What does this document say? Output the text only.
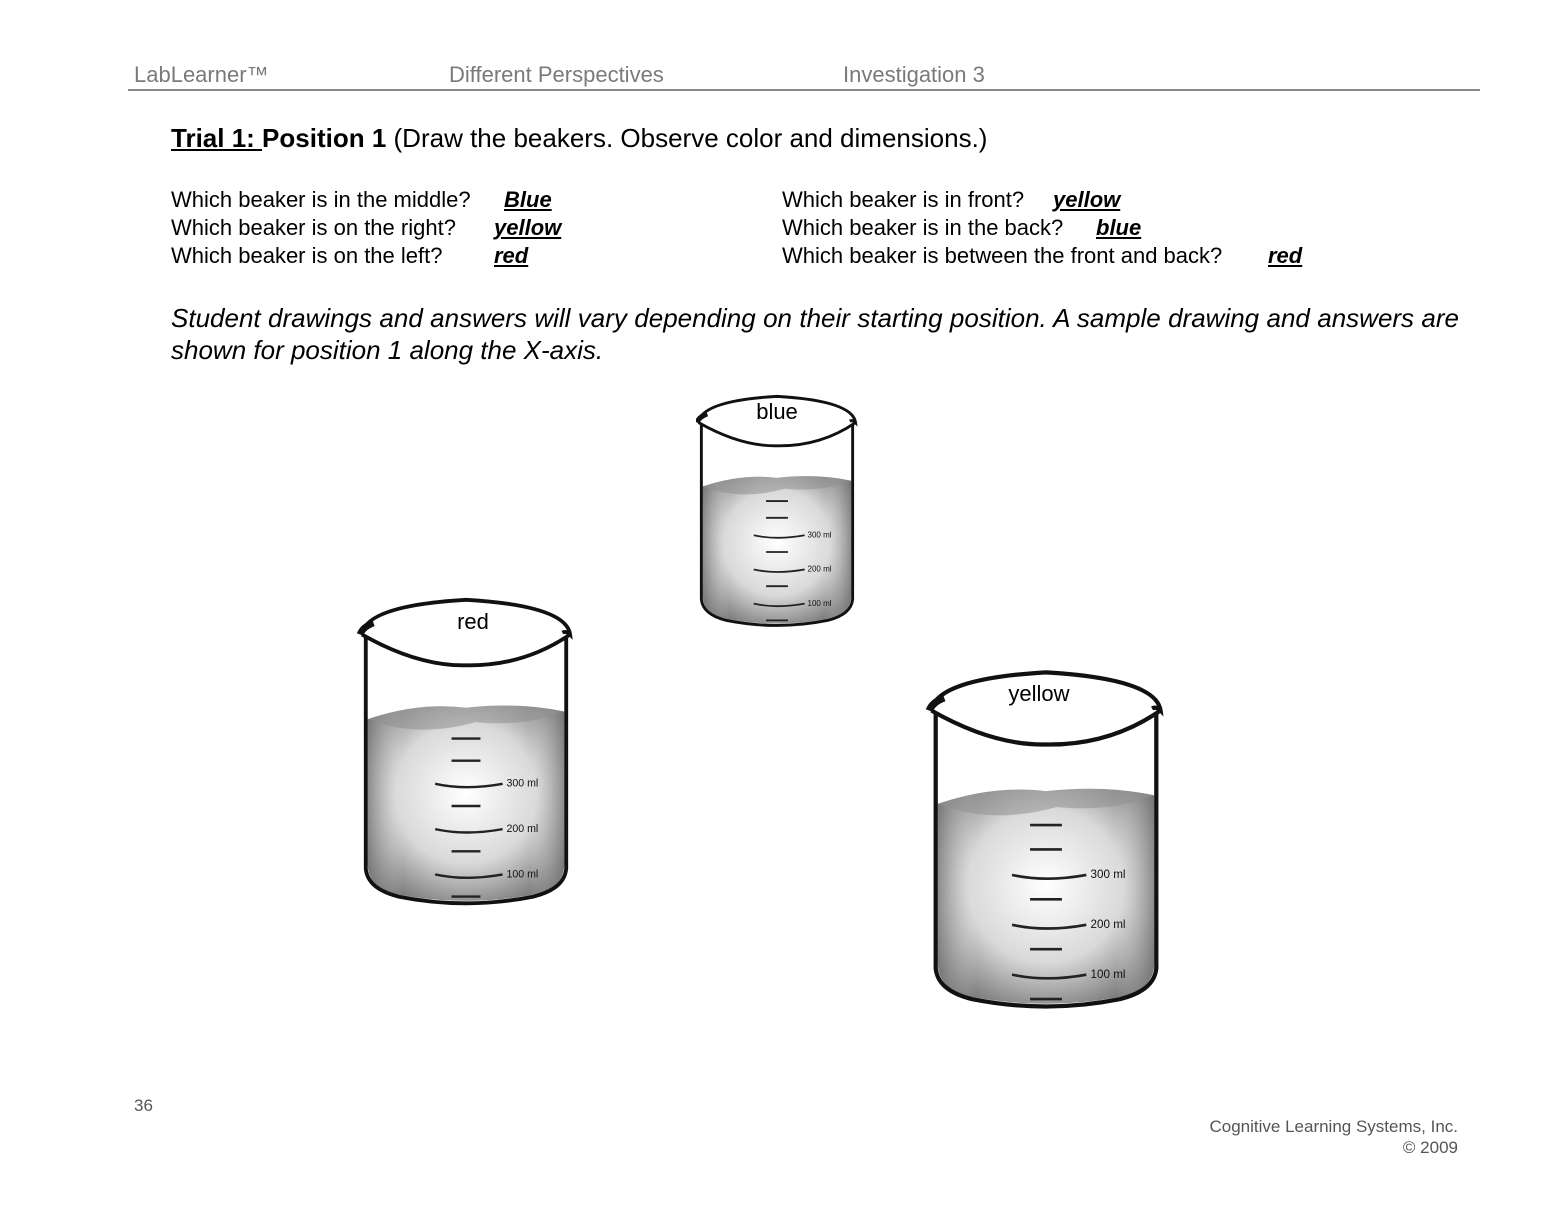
LabLearner™	Different Perspectives	Investigation 3
Trial 1: Position 1 (Draw the beakers. Observe color and dimensions.)
Which beaker is in the middle? Blue
Which beaker is on the right? yellow
Which beaker is on the left? red
Which beaker is in front? yellow
Which beaker is in the back? blue
Which beaker is between the front and back? red
Student drawings and answers will vary depending on their starting position. A sample drawing and answers are shown for position 1 along the X-axis.
300 ml
200 ml
100 ml
blue
300 ml
200 ml
100 ml
red
300 ml
200 ml
100 ml
yellow
36
Cognitive Learning Systems, Inc.
© 2009
